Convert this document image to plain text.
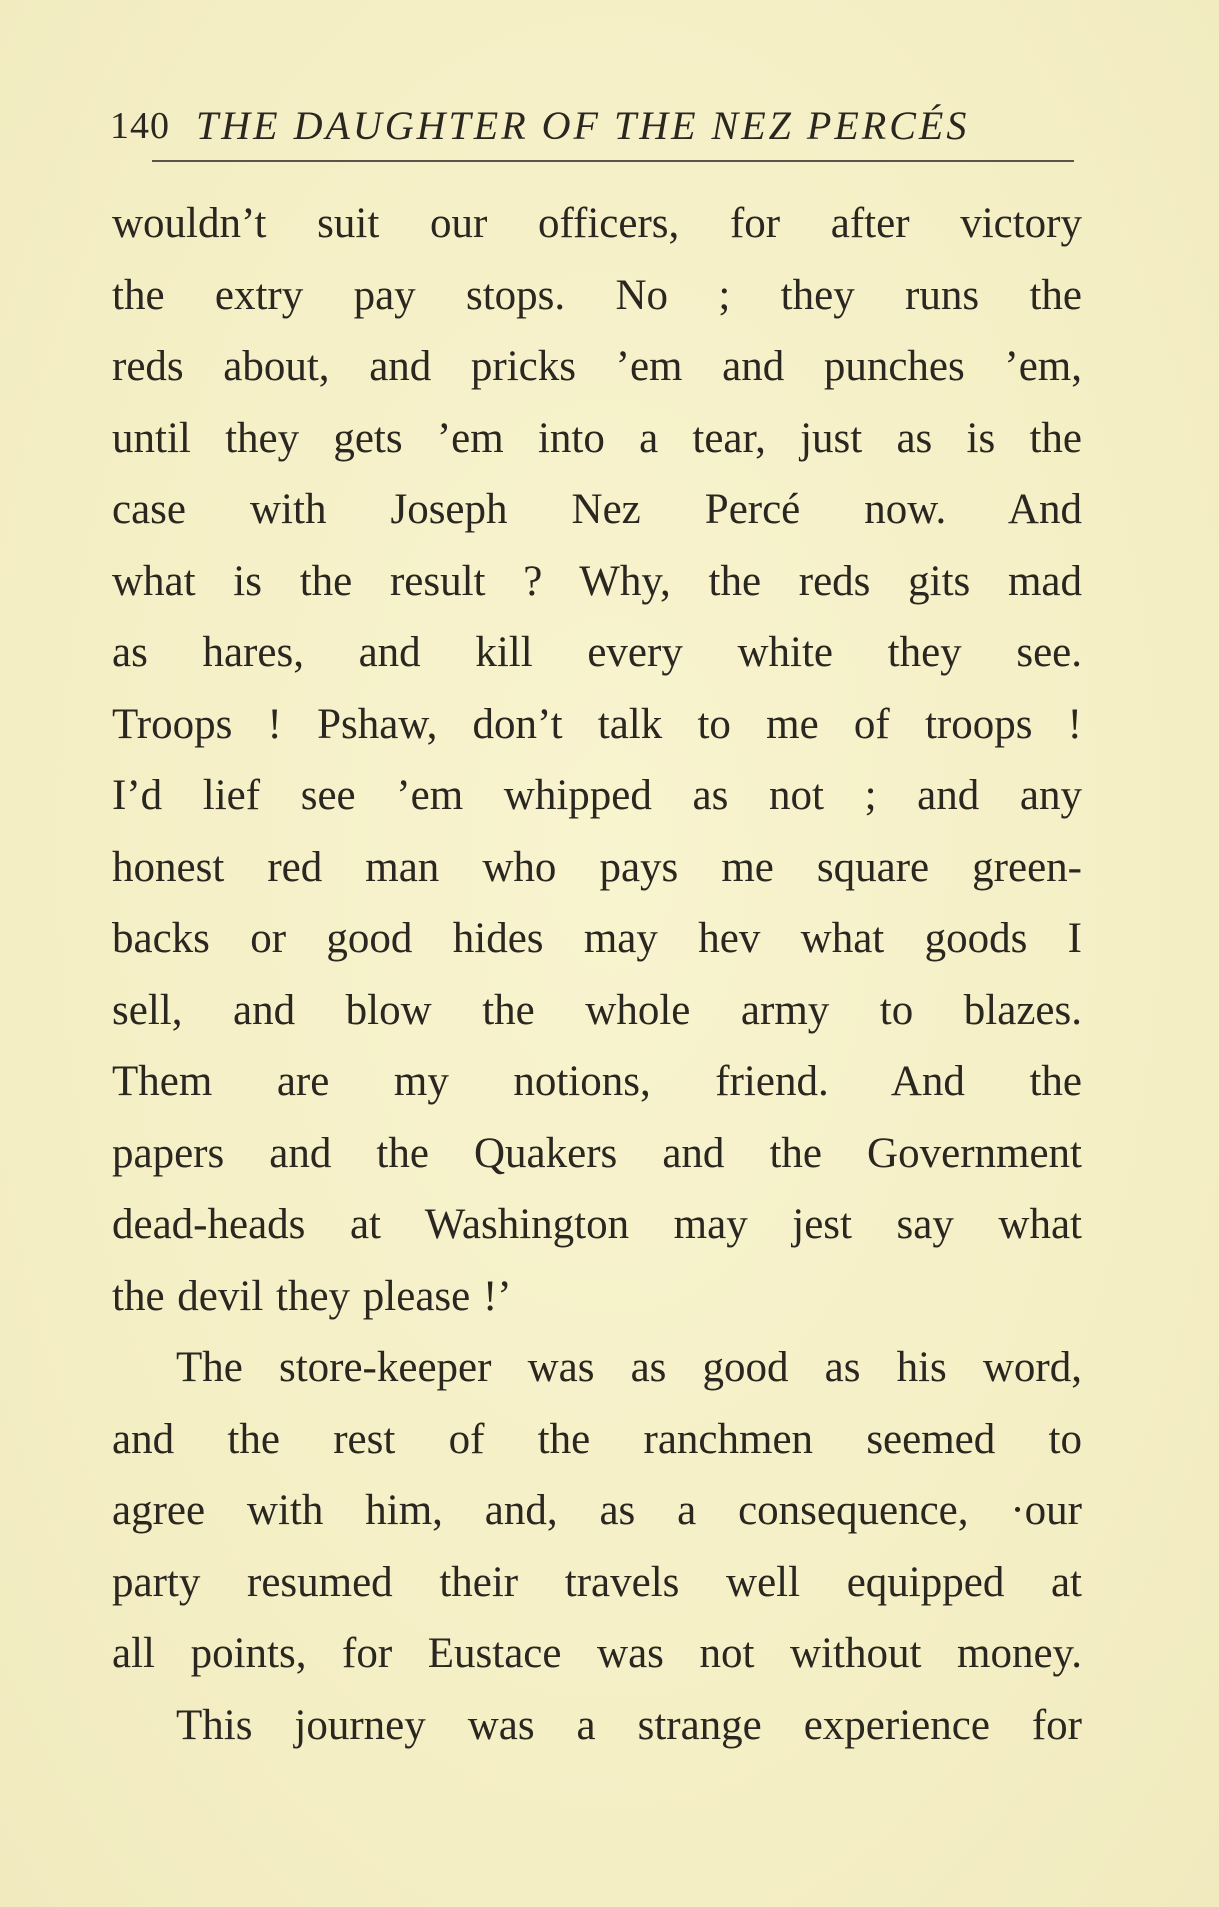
140 THE DAUGHTER OF THE NEZ PERCÉS
wouldn’t suit our officers, for after victory
the extry pay stops. No ; they runs the
reds about, and pricks ’em and punches ’em,
until they gets ’em into a tear, just as is the
case with Joseph Nez Percé now. And
what is the result ? Why, the reds gits mad
as hares, and kill every white they see.
Troops ! Pshaw, don’t talk to me of troops !
I’d lief see ’em whipped as not ; and any
honest red man who pays me square green-
backs or good hides may hev what goods I
sell, and blow the whole army to blazes.
Them are my notions, friend. And the
papers and the Quakers and the Government
dead-heads at Washington may jest say what
the devil they please !’
The store-keeper was as good as his word,
and the rest of the ranchmen seemed to
agree with him, and, as a consequence, ·our
party resumed their travels well equipped at
all points, for Eustace was not without money.
This journey was a strange experience for
